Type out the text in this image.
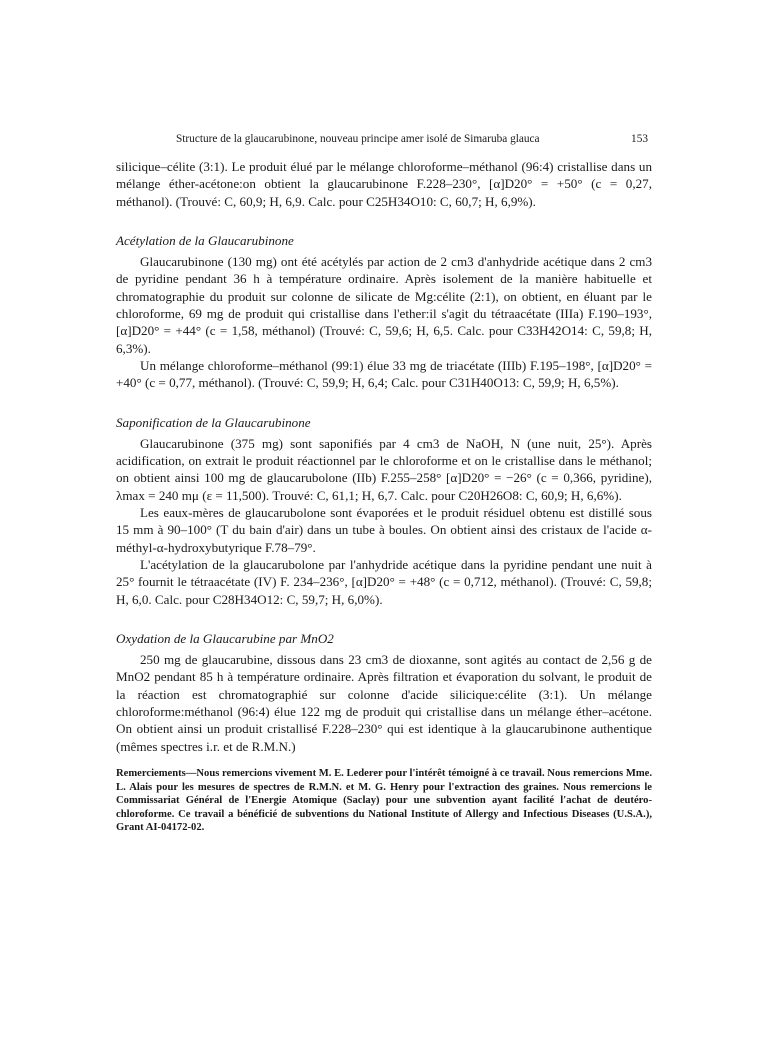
Structure de la glaucarubinone, nouveau principe amer isolé de Simaruba glauca	153

silicique–célite (3:1). Le produit élué par le mélange chloroforme–méthanol (96:4) cristallise dans un mélange éther-acétone:on obtient la glaucarubinone F.228–230°, [α]D20° = +50° (c = 0,27, méthanol). (Trouvé: C, 60,9; H, 6,9. Calc. pour C25H34O10: C, 60,7; H, 6,9%).

Acétylation de la Glaucarubinone

Glaucarubinone (130 mg) ont été acétylés par action de 2 cm3 d'anhydride acétique dans 2 cm3 de pyridine pendant 36 h à température ordinaire. Après isolement de la manière habituelle et chromatographie du produit sur colonne de silicate de Mg:célite (2:1), on obtient, en éluant par le chloroforme, 69 mg de produit qui cristallise dans l'ether:il s'agit du tétraacétate (IIIa) F.190–193°, [α]D20° = +44° (c = 1,58, méthanol) (Trouvé: C, 59,6; H, 6,5. Calc. pour C33H42O14: C, 59,8; H, 6,3%).

Un mélange chloroforme–méthanol (99:1) élue 33 mg de triacétate (IIIb) F.195–198°, [α]D20° = +40° (c = 0,77, méthanol). (Trouvé: C, 59,9; H, 6,4; Calc. pour C31H40O13: C, 59,9; H, 6,5%).

Saponification de la Glaucarubinone

Glaucarubinone (375 mg) sont saponifiés par 4 cm3 de NaOH, N (une nuit, 25°). Après acidification, on extrait le produit réactionnel par le chloroforme et on le cristallise dans le méthanol; on obtient ainsi 100 mg de glaucarubolone (IIb) F.255–258° [α]D20° = −26° (c = 0,366, pyridine), λmax = 240 mμ (ε = 11,500). Trouvé: C, 61,1; H, 6,7. Calc. pour C20H26O8: C, 60,9; H, 6,6%).

Les eaux-mères de glaucarubolone sont évaporées et le produit résiduel obtenu est distillé sous 15 mm à 90–100° (T du bain d'air) dans un tube à boules. On obtient ainsi des cristaux de l'acide α-méthyl-α-hydroxybutyrique F.78–79°.

L'acétylation de la glaucarubolone par l'anhydride acétique dans la pyridine pendant une nuit à 25° fournit le tétraacétate (IV) F. 234–236°, [α]D20° = +48° (c = 0,712, méthanol). (Trouvé: C, 59,8; H, 6,0. Calc. pour C28H34O12: C, 59,7; H, 6,0%).

Oxydation de la Glaucarubine par MnO2

250 mg de glaucarubine, dissous dans 23 cm3 de dioxanne, sont agités au contact de 2,56 g de MnO2 pendant 85 h à température ordinaire. Après filtration et évaporation du solvant, le produit de la réaction est chromatographié sur colonne d'acide silicique:célite (3:1). Un mélange chloroforme:méthanol (96:4) élue 122 mg de produit qui cristallise dans un mélange éther–acétone. On obtient ainsi un produit cristallisé F.228–230° qui est identique à la glaucarubinone authentique (mêmes spectres i.r. et de R.M.N.)

Remerciements—Nous remercions vivement M. E. Lederer pour l'intérêt témoigné à ce travail. Nous remercions Mme. L. Alais pour les mesures de spectres de R.M.N. et M. G. Henry pour l'extraction des graines. Nous remercions le Commissariat Général de l'Energie Atomique (Saclay) pour une subvention ayant facilité l'achat de deutéro-chloroforme. Ce travail a bénéficié de subventions du National Institute of Allergy and Infectious Diseases (U.S.A.), Grant AI-04172-02.
